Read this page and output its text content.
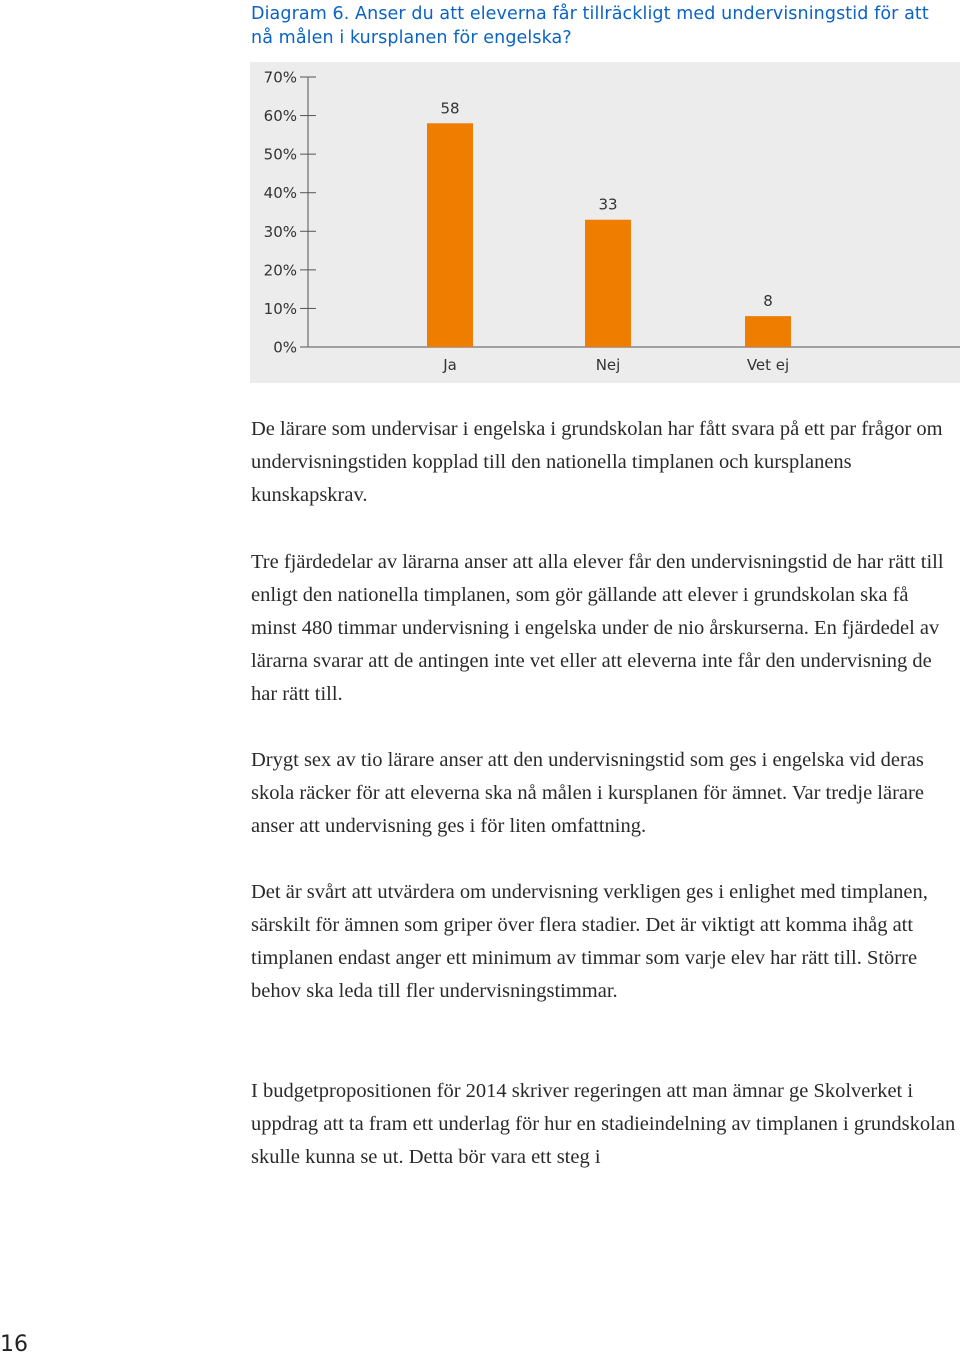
Diagram 6. Anser du att eleverna får tillräckligt med undervisningstid för att nå målen i kursplanen för engelska?
0%
10%
20%
30%
40%
50%
60%
70%
58
Ja
33
Nej
8
Vet ej

De lärare som undervisar i engelska i grundskolan har fått svara på ett par frågor om undervisningstiden kopplad till den nationella timplanen och kursplanens kunskapskrav.

Tre fjärdedelar av lärarna anser att alla elever får den undervisningstid de har rätt till enligt den nationella timplanen, som gör gällande att elever i grundskolan ska få minst 480 timmar undervisning i engelska under de nio årskurserna. En fjärdedel av lärarna svarar att de antingen inte vet eller att eleverna inte får den undervisning de har rätt till.

Drygt sex av tio lärare anser att den undervisningstid som ges i engelska vid deras skola räcker för att eleverna ska nå målen i kursplanen för ämnet. Var tredje lärare anser att undervisning ges i för liten omfattning.

Det är svårt att utvärdera om undervisning verkligen ges i enlighet med timplanen, särskilt för ämnen som griper över flera stadier. Det är viktigt att komma ihåg att timplanen endast anger ett minimum av timmar som varje elev har rätt till. Större behov ska leda till fler undervisningstimmar.

I budgetpropositionen för 2014 skriver regeringen att man ämnar ge Skolverket i uppdrag att ta fram ett underlag för hur en stadieindelning av timplanen i grundskolan skulle kunna se ut. Detta bör vara ett steg i

16
